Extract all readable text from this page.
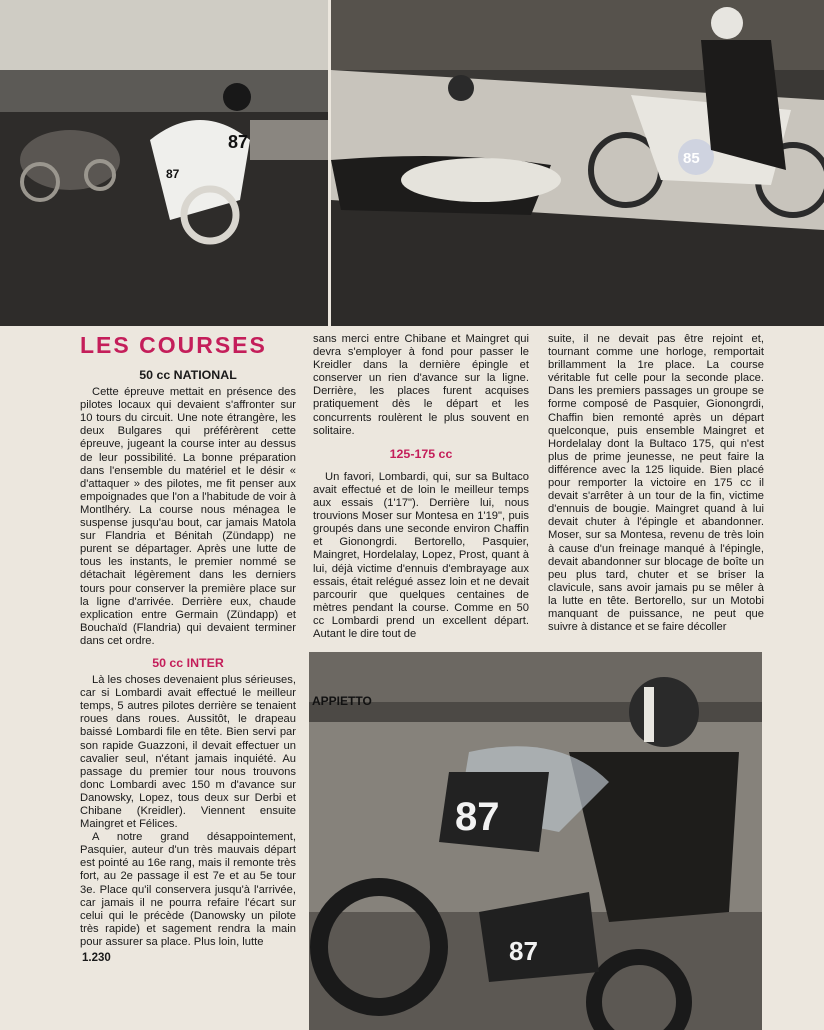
87
87
85
87
87
APPIETTO
LES COURSES
50 cc NATIONAL

Cette épreuve mettait en présence des pilotes locaux qui devaient s'affronter sur 10 tours du circuit. Une note étrangère, les deux Bulgares qui préférèrent cette épreuve, jugeant la course inter au dessus de leur possibilité. La bonne préparation dans l'ensemble du matériel et le désir « d'attaquer » des pilotes, me fit penser aux empoignades que l'on a l'habitude de voir à Montlhéry. La course nous ménagea le suspense jusqu'au bout, car jamais Matola sur Flandria et Bénitah (Zündapp) ne purent se départager. Après une lutte de tous les instants, le premier nommé se détachait légèrement dans les derniers tours pour conserver la première place sur la ligne d'arrivée. Derrière eux, chaude explication entre Germain (Zündapp) et Bouchaïd (Flandria) qui devaient terminer dans cet ordre.

50 cc INTER

Là les choses devenaient plus sérieuses, car si Lombardi avait effectué le meilleur temps, 5 autres pilotes derrière se tenaient roues dans roues. Aussitôt, le drapeau baissé Lombardi file en tête. Bien servi par son rapide Guazzoni, il devait effectuer un cavalier seul, n'étant jamais inquiété. Au passage du premier tour nous trouvons donc Lombardi avec 150 m d'avance sur Danowsky, Lopez, tous deux sur Derbi et Chibane (Kreidler). Viennent ensuite Maingret et Félices.

A notre grand désappointement, Pasquier, auteur d'un très mauvais départ est pointé au 16e rang, mais il remonte très fort, au 2e passage il est 7e et au 5e tour 3e. Place qu'il conservera jusqu'à l'arrivée, car jamais il ne pourra refaire l'écart sur celui qui le précède (Danowsky un pilote très rapide) et sagement rendra la main pour assurer sa place. Plus loin, lutte

sans merci entre Chibane et Maingret qui devra s'employer à fond pour passer le Kreidler dans la dernière épingle et conserver un rien d'avance sur la ligne. Derrière, les places furent acquises pratiquement dès le départ et les concurrents roulèrent le plus souvent en solitaire.

125-175 cc

Un favori, Lombardi, qui, sur sa Bultaco avait effectué et de loin le meilleur temps aux essais (1'17"). Derrière lui, nous trouvions Moser sur Montesa en 1'19", puis groupés dans une seconde environ Chaffin et Gionongrdi. Bertorello, Pasquier, Maingret, Hordelalay, Lopez, Prost, quant à lui, déjà victime d'ennuis d'embrayage aux essais, était relégué assez loin et ne devait parcourir que quelques centaines de mètres pendant la course. Comme en 50 cc Lombardi prend un excellent départ. Autant le dire tout de

suite, il ne devait pas être rejoint et, tournant comme une horloge, remportait brillamment la 1re place. La course véritable fut celle pour la seconde place. Dans les premiers passages un groupe se forme composé de Pasquier, Gionongrdi, Chaffin bien remonté après un départ quelconque, puis ensemble Maingret et Hordelalay dont la Bultaco 175, qui n'est plus de prime jeunesse, ne peut faire la différence avec la 125 liquide. Bien placé pour remporter la victoire en 175 cc il devait s'arrêter à un tour de la fin, victime d'ennuis de bougie. Maingret quand à lui devait chuter à l'épingle et abandonner. Moser, sur sa Montesa, revenu de très loin à cause d'un freinage manqué à l'épingle, devait abandonner sur blocage de boîte un peu plus tard, chuter et se briser la clavicule, sans avoir jamais pu se mêler à la lutte en tête. Bertorello, sur un Motobi manquant de puissance, ne peut que suivre à distance et se faire décoller

1.230
